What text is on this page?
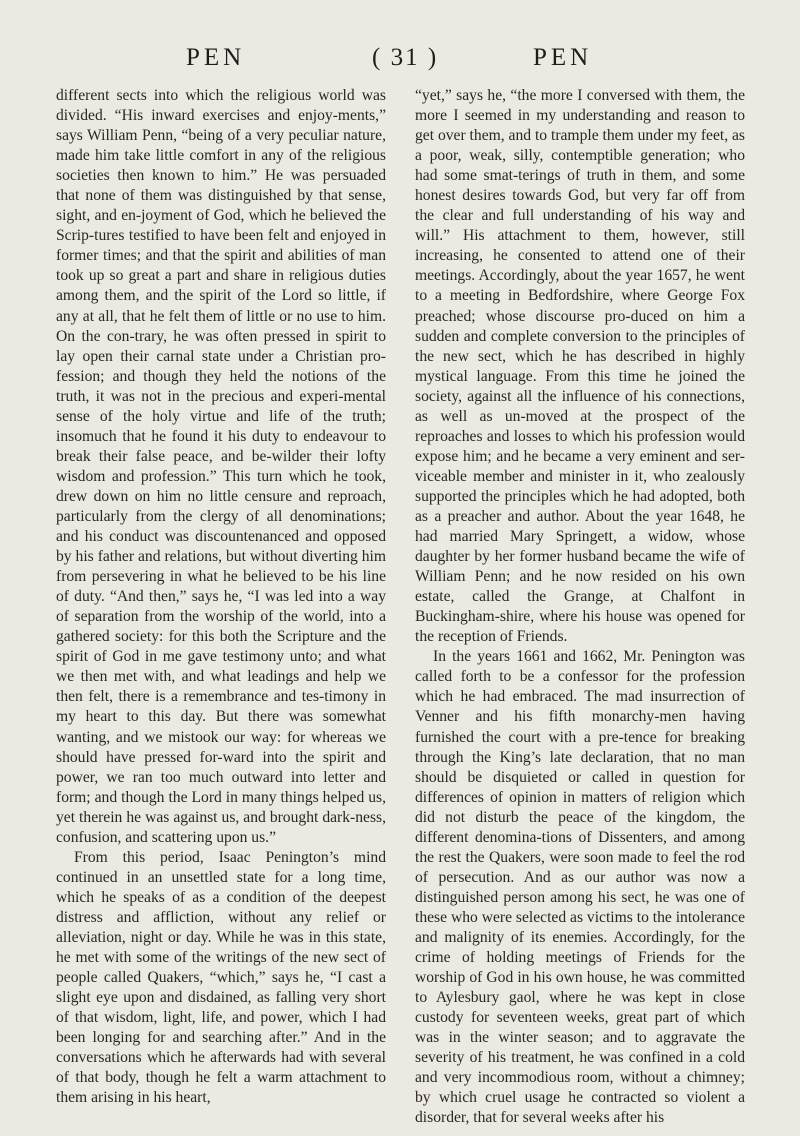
PEN	( 31 )	PEN

different sects into which the religious world was divided. “His inward exercises and enjoy-ments,” says William Penn, “being of a very peculiar nature, made him take little comfort in any of the religious societies then known to him.” He was persuaded that none of them was distinguished by that sense, sight, and en-joyment of God, which he believed the Scrip-tures testified to have been felt and enjoyed in former times; and that the spirit and abilities of man took up so great a part and share in religious duties among them, and the spirit of the Lord so little, if any at all, that he felt them of little or no use to him. On the con-trary, he was often pressed in spirit to lay open their carnal state under a Christian pro-fession; and though they held the notions of the truth, it was not in the precious and experi-mental sense of the holy virtue and life of the truth; insomuch that he found it his duty to endeavour to break their false peace, and be-wilder their lofty wisdom and profession.” This turn which he took, drew down on him no little censure and reproach, particularly from the clergy of all denominations; and his conduct was discountenanced and opposed by his father and relations, but without diverting him from persevering in what he believed to be his line of duty. “And then,” says he, “I was led into a way of separation from the worship of the world, into a gathered society: for this both the Scripture and the spirit of God in me gave testimony unto; and what we then met with, and what leadings and help we then felt, there is a remembrance and tes-timony in my heart to this day. But there was somewhat wanting, and we mistook our way: for whereas we should have pressed for-ward into the spirit and power, we ran too much outward into letter and form; and though the Lord in many things helped us, yet therein he was against us, and brought dark-ness, confusion, and scattering upon us.”

From this period, Isaac Penington’s mind continued in an unsettled state for a long time, which he speaks of as a condition of the deepest distress and affliction, without any relief or alleviation, night or day. While he was in this state, he met with some of the writings of the new sect of people called Quakers, “which,” says he, “I cast a slight eye upon and disdained, as falling very short of that wisdom, light, life, and power, which I had been longing for and searching after.” And in the conversations which he afterwards had with several of that body, though he felt a warm attachment to them arising in his heart,

“yet,” says he, “the more I conversed with them, the more I seemed in my understanding and reason to get over them, and to trample them under my feet, as a poor, weak, silly, contemptible generation; who had some smat-terings of truth in them, and some honest desires towards God, but very far off from the clear and full understanding of his way and will.” His attachment to them, however, still increasing, he consented to attend one of their meetings. Accordingly, about the year 1657, he went to a meeting in Bedfordshire, where George Fox preached; whose discourse pro-duced on him a sudden and complete conversion to the principles of the new sect, which he has described in highly mystical language. From this time he joined the society, against all the influence of his connections, as well as un-moved at the prospect of the reproaches and losses to which his profession would expose him; and he became a very eminent and ser-viceable member and minister in it, who zealously supported the principles which he had adopted, both as a preacher and author. About the year 1648, he had married Mary Springett, a widow, whose daughter by her former husband became the wife of William Penn; and he now resided on his own estate, called the Grange, at Chalfont in Buckingham-shire, where his house was opened for the reception of Friends.

In the years 1661 and 1662, Mr. Penington was called forth to be a confessor for the profession which he had embraced. The mad insurrection of Venner and his fifth monarchy-men having furnished the court with a pre-tence for breaking through the King’s late declaration, that no man should be disquieted or called in question for differences of opinion in matters of religion which did not disturb the peace of the kingdom, the different denomina-tions of Dissenters, and among the rest the Quakers, were soon made to feel the rod of persecution. And as our author was now a distinguished person among his sect, he was one of these who were selected as victims to the intolerance and malignity of its enemies. Accordingly, for the crime of holding meetings of Friends for the worship of God in his own house, he was committed to Aylesbury gaol, where he was kept in close custody for seventeen weeks, great part of which was in the winter season; and to aggravate the severity of his treatment, he was confined in a cold and very incommodious room, without a chimney; by which cruel usage he contracted so violent a disorder, that for several weeks after his
